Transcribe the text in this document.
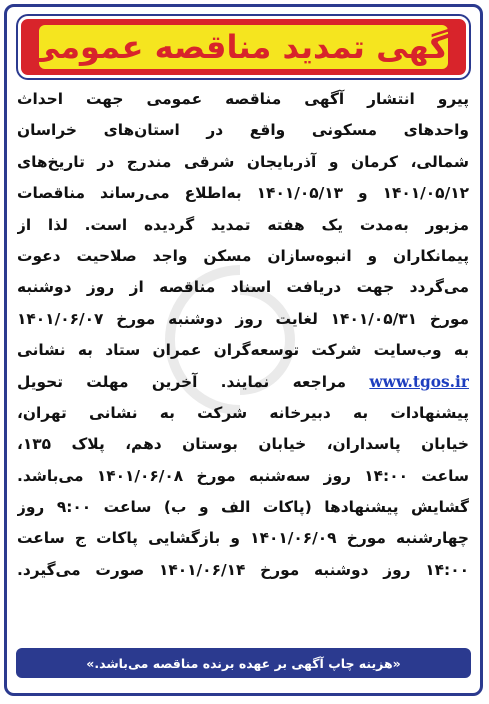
آگهی تمدید مناقصه عمومی
پیرو انتشار آگهی مناقصه عمومی جهت احداث
واحدهای مسکونی واقع در استان‌های خراسان
شمالی، کرمان و آذربایجان شرقی مندرج در تاریخ‌های
۱۴۰۱/۰۵/۱۲ و ۱۴۰۱/۰۵/۱۳ به‌اطلاع می‌رساند مناقصات
مزبور به‌مدت یک هفته تمدید گردیده است. لذا از
پیمانکاران و انبوه‌سازان مسکن واجد صلاحیت دعوت
می‌گردد جهت دریافت اسناد مناقصه از روز دوشنبه
مورخ ۱۴۰۱/۰۵/۳۱ لغایت روز دوشنبه مورخ ۱۴۰۱/۰۶/۰۷
به وب‌سایت شرکت توسعه‌گران عمران ستاد به نشانی
www.tgos.ir مراجعه نمایند. آخرین مهلت تحویل
پیشنهادات به دبیرخانه شرکت به نشانی تهران،
خیابان پاسداران، خیابان بوستان دهم، پلاک ۱۳۵،
ساعت ۱۴:۰۰ روز سه‌شنبه مورخ ۱۴۰۱/۰۶/۰۸ می‌باشد.
گشایش پیشنهادها (پاکات الف و ب) ساعت ۹:۰۰ روز
چهارشنبه مورخ ۱۴۰۱/۰۶/۰۹ و بازگشایی پاکات ج ساعت
۱۴:۰۰ روز دوشنبه مورخ ۱۴۰۱/۰۶/۱۴ صورت می‌گیرد.
«هزینه چاپ آگهی بر عهده برنده مناقصه می‌باشد.»
